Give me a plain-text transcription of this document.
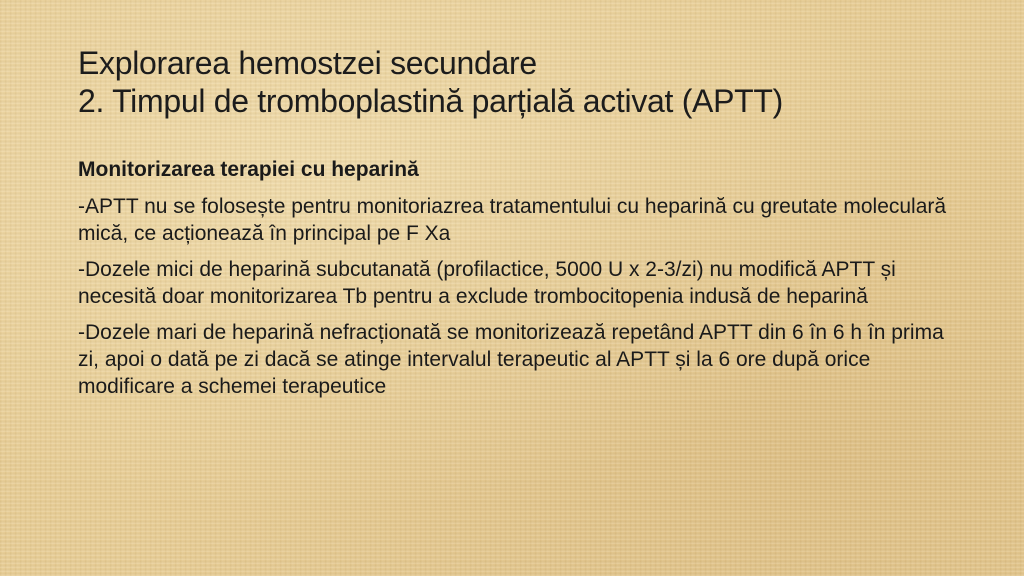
Explorarea hemostzei secundare
2. Timpul de tromboplastină parțială activat (APTT)

Monitorizarea terapiei cu heparină

-APTT nu se folosește pentru monitoriazrea tratamentului cu heparină cu greutate moleculară mică, ce acționează în principal pe F Xa

-Dozele mici de heparină subcutanată (profilactice, 5000 U x 2-3/zi) nu modifică APTT și necesită doar monitorizarea Tb pentru a exclude trombocitopenia indusă de heparină

-Dozele mari de heparină nefracționată se monitorizează repetând APTT din 6 în 6 h în prima zi, apoi o dată pe zi dacă se atinge intervalul terapeutic al APTT și la 6 ore după orice modificare a schemei terapeutice
